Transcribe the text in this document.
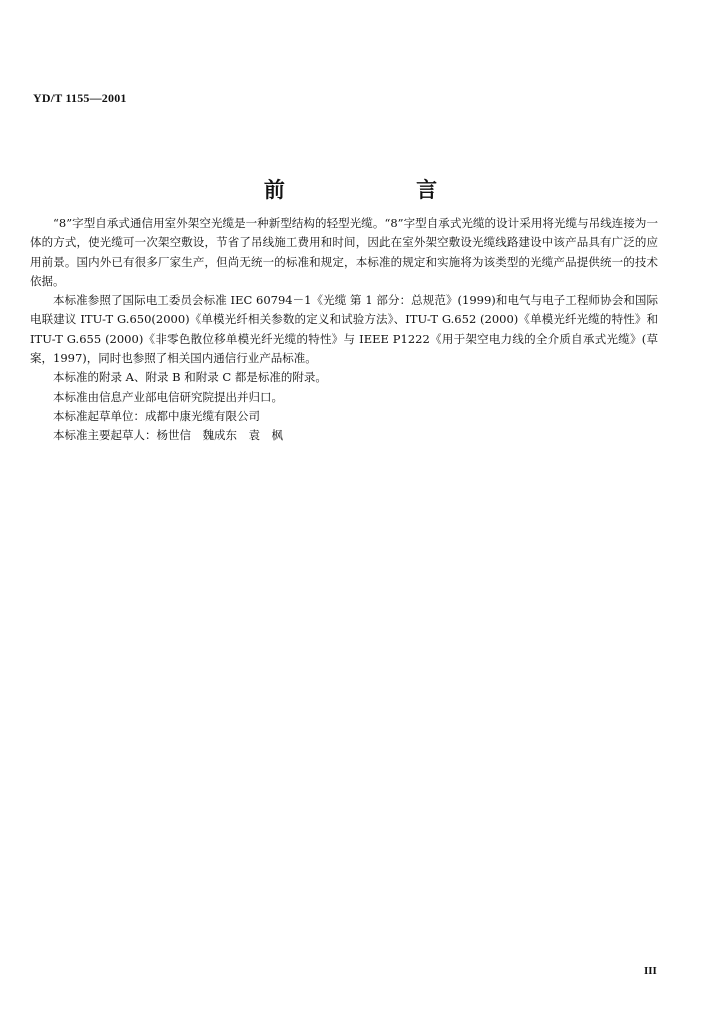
YD/T 1155—2001
前 言

“8”字型自承式通信用室外架空光缆是一种新型结构的轻型光缆。“8”字型自承式光缆的设计采用将光缆与吊线连接为一体的方式，使光缆可一次架空敷设，节省了吊线施工费用和时间，因此在室外架空敷设光缆线路建设中该产品具有广泛的应用前景。国内外已有很多厂家生产，但尚无统一的标准和规定，本标准的规定和实施将为该类型的光缆产品提供统一的技术依据。

本标准参照了国际电工委员会标准 IEC 60794－1《光缆 第 1 部分：总规范》(1999)和电气与电子工程师协会和国际电联建议 ITU-T G.650(2000)《单模光纤相关参数的定义和试验方法》、ITU-T G.652 (2000)《单模光纤光缆的特性》和 ITU-T G.655 (2000)《非零色散位移单模光纤光缆的特性》与 IEEE P1222《用于架空电力线的全介质自承式光缆》(草案，1997)，同时也参照了相关国内通信行业产品标准。

本标准的附录 A、附录 B 和附录 C 都是标准的附录。

本标准由信息产业部电信研究院提出并归口。

本标准起草单位：成都中康光缆有限公司

本标准主要起草人：杨世信　魏成东　袁　枫

III
